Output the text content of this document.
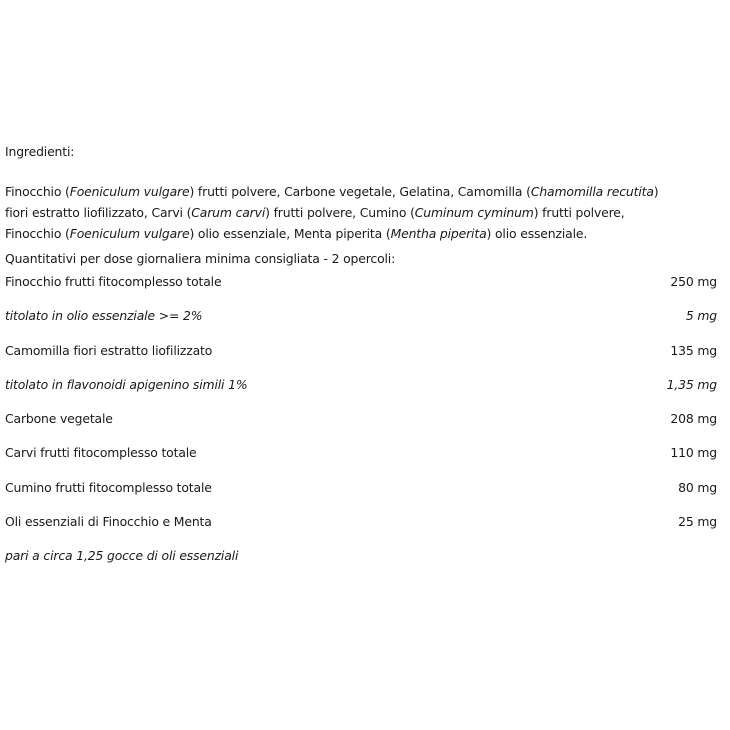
Ingredienti:
Finocchio (Foeniculum vulgare) frutti polvere, Carbone vegetale, Gelatina, Camomilla (Chamomilla recutita)
fiori estratto liofilizzato, Carvi (Carum carvi) frutti polvere, Cumino (Cuminum cyminum) frutti polvere,
Finocchio (Foeniculum vulgare) olio essenziale, Menta piperita (Mentha piperita) olio essenziale.
Quantitativi per dose giornaliera minima consigliata - 2 opercoli:
Finocchio frutti fitocomplesso totale	250 mg
titolato in olio essenziale >= 2%	5 mg
Camomilla fiori estratto liofilizzato	135 mg
titolato in flavonoidi apigenino simili 1%	1,35 mg
Carbone vegetale	208 mg
Carvi frutti fitocomplesso totale	110 mg
Cumino frutti fitocomplesso totale	80 mg
Oli essenziali di Finocchio e Menta	25 mg
pari a circa 1,25 gocce di oli essenziali
